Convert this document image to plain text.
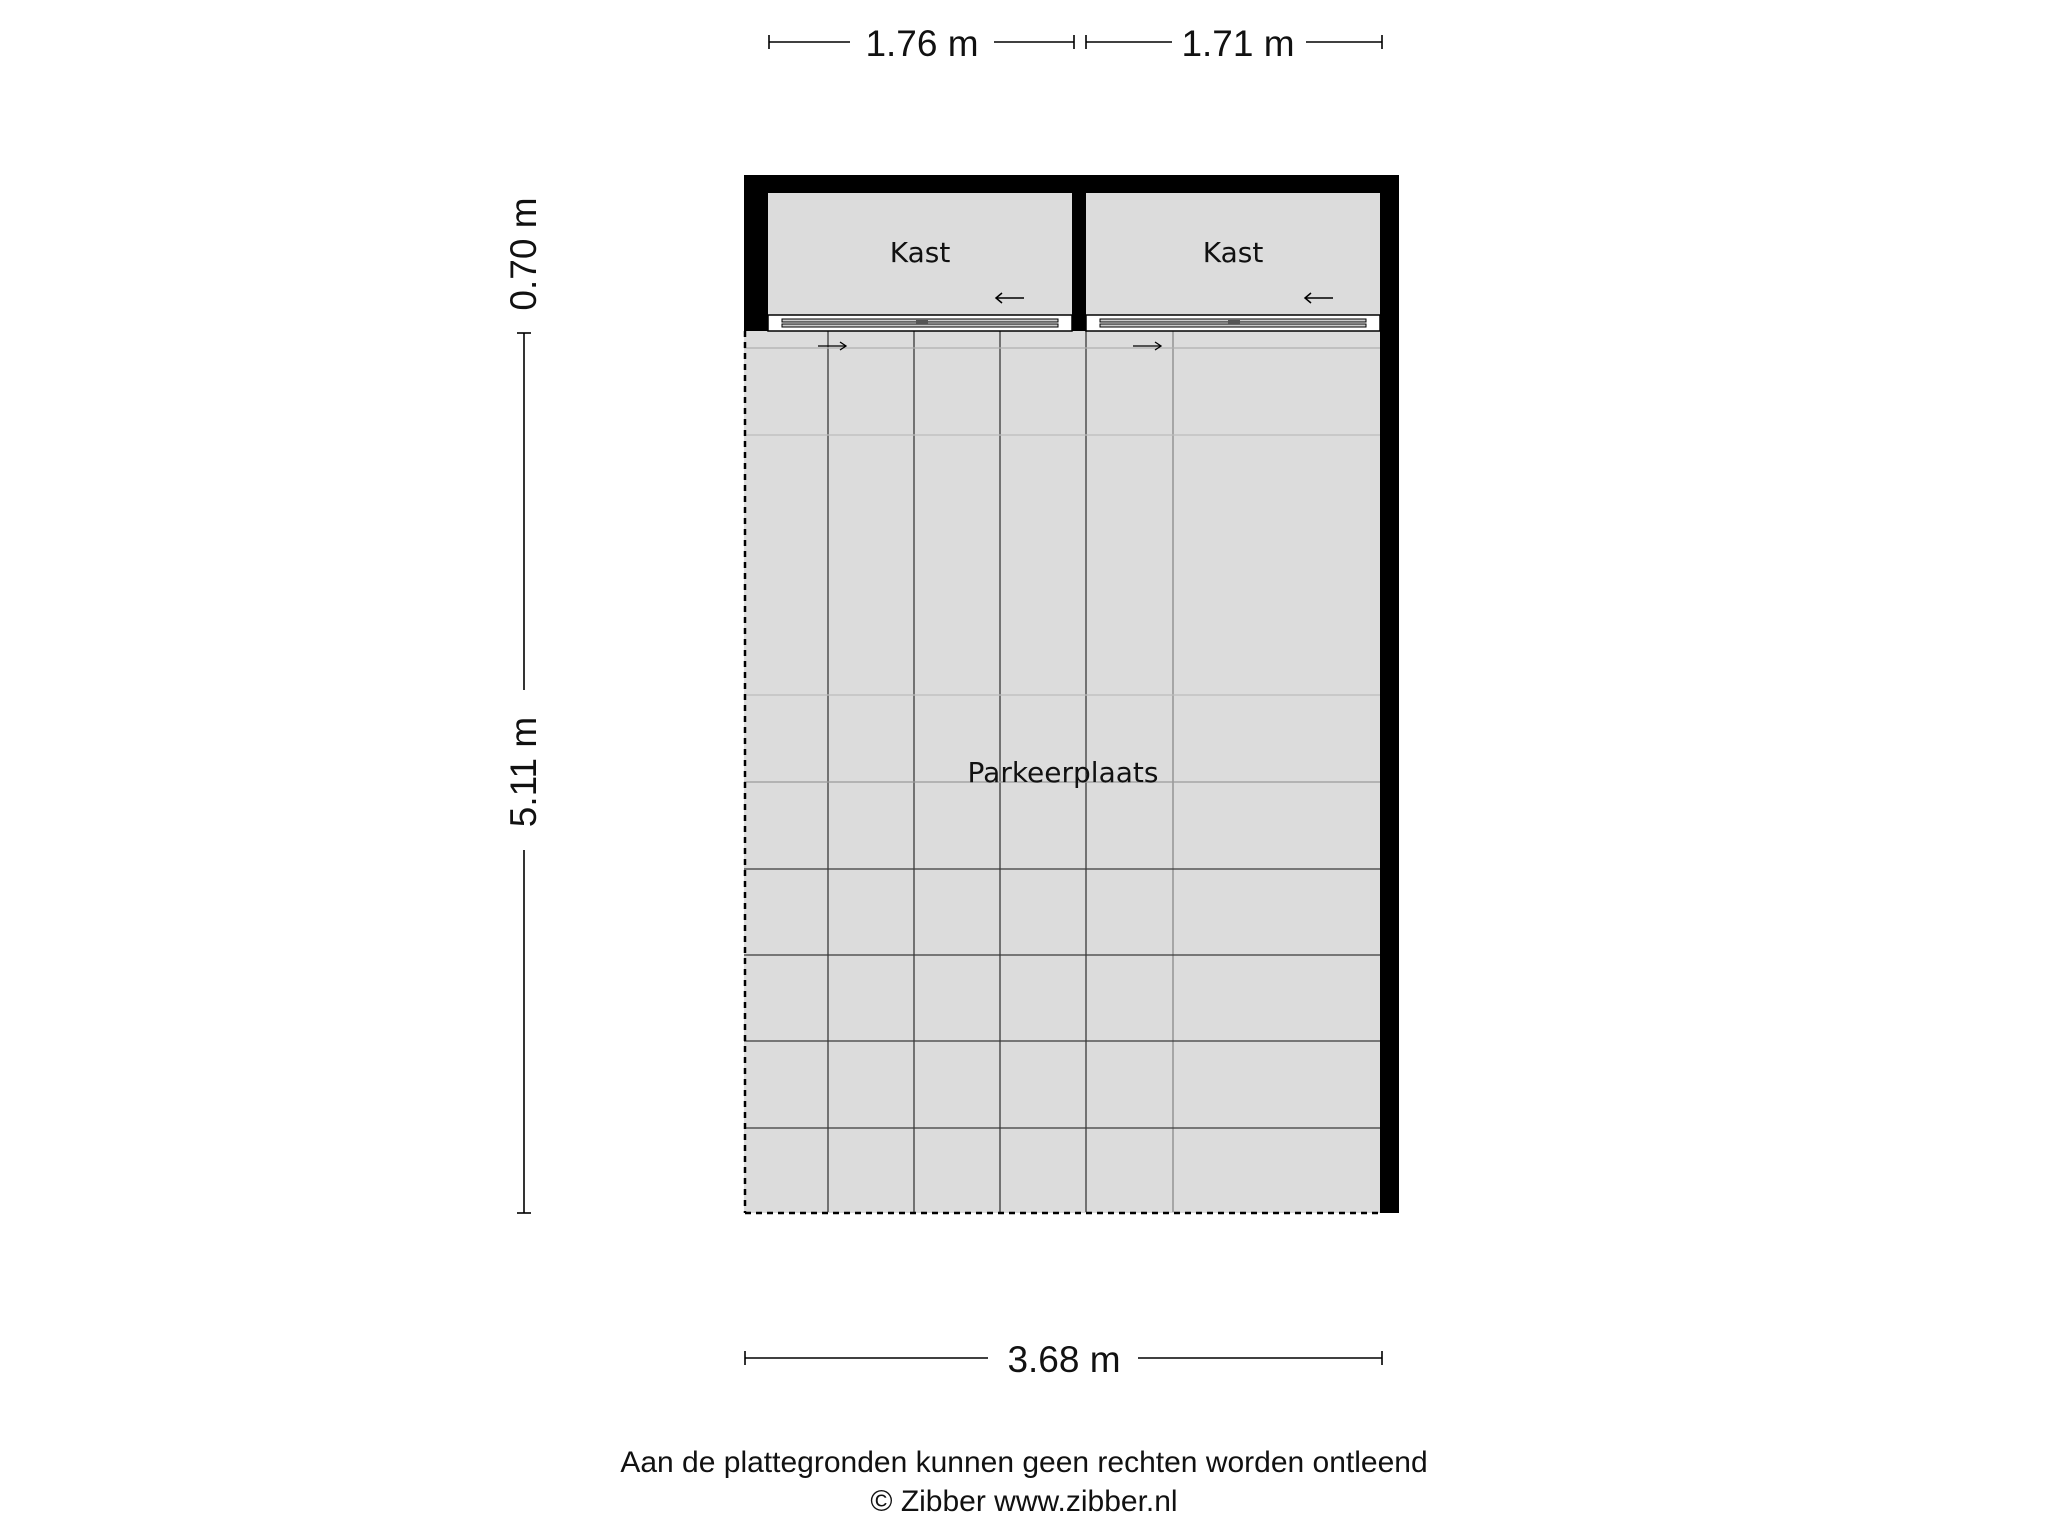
Kast	Kast
Parkeerplaats
1.76 m	1.71 m
0.70 m
5.11 m
3.68 m
Aan de plattegronden kunnen geen rechten worden ontleend
© Zibber www.zibber.nl
